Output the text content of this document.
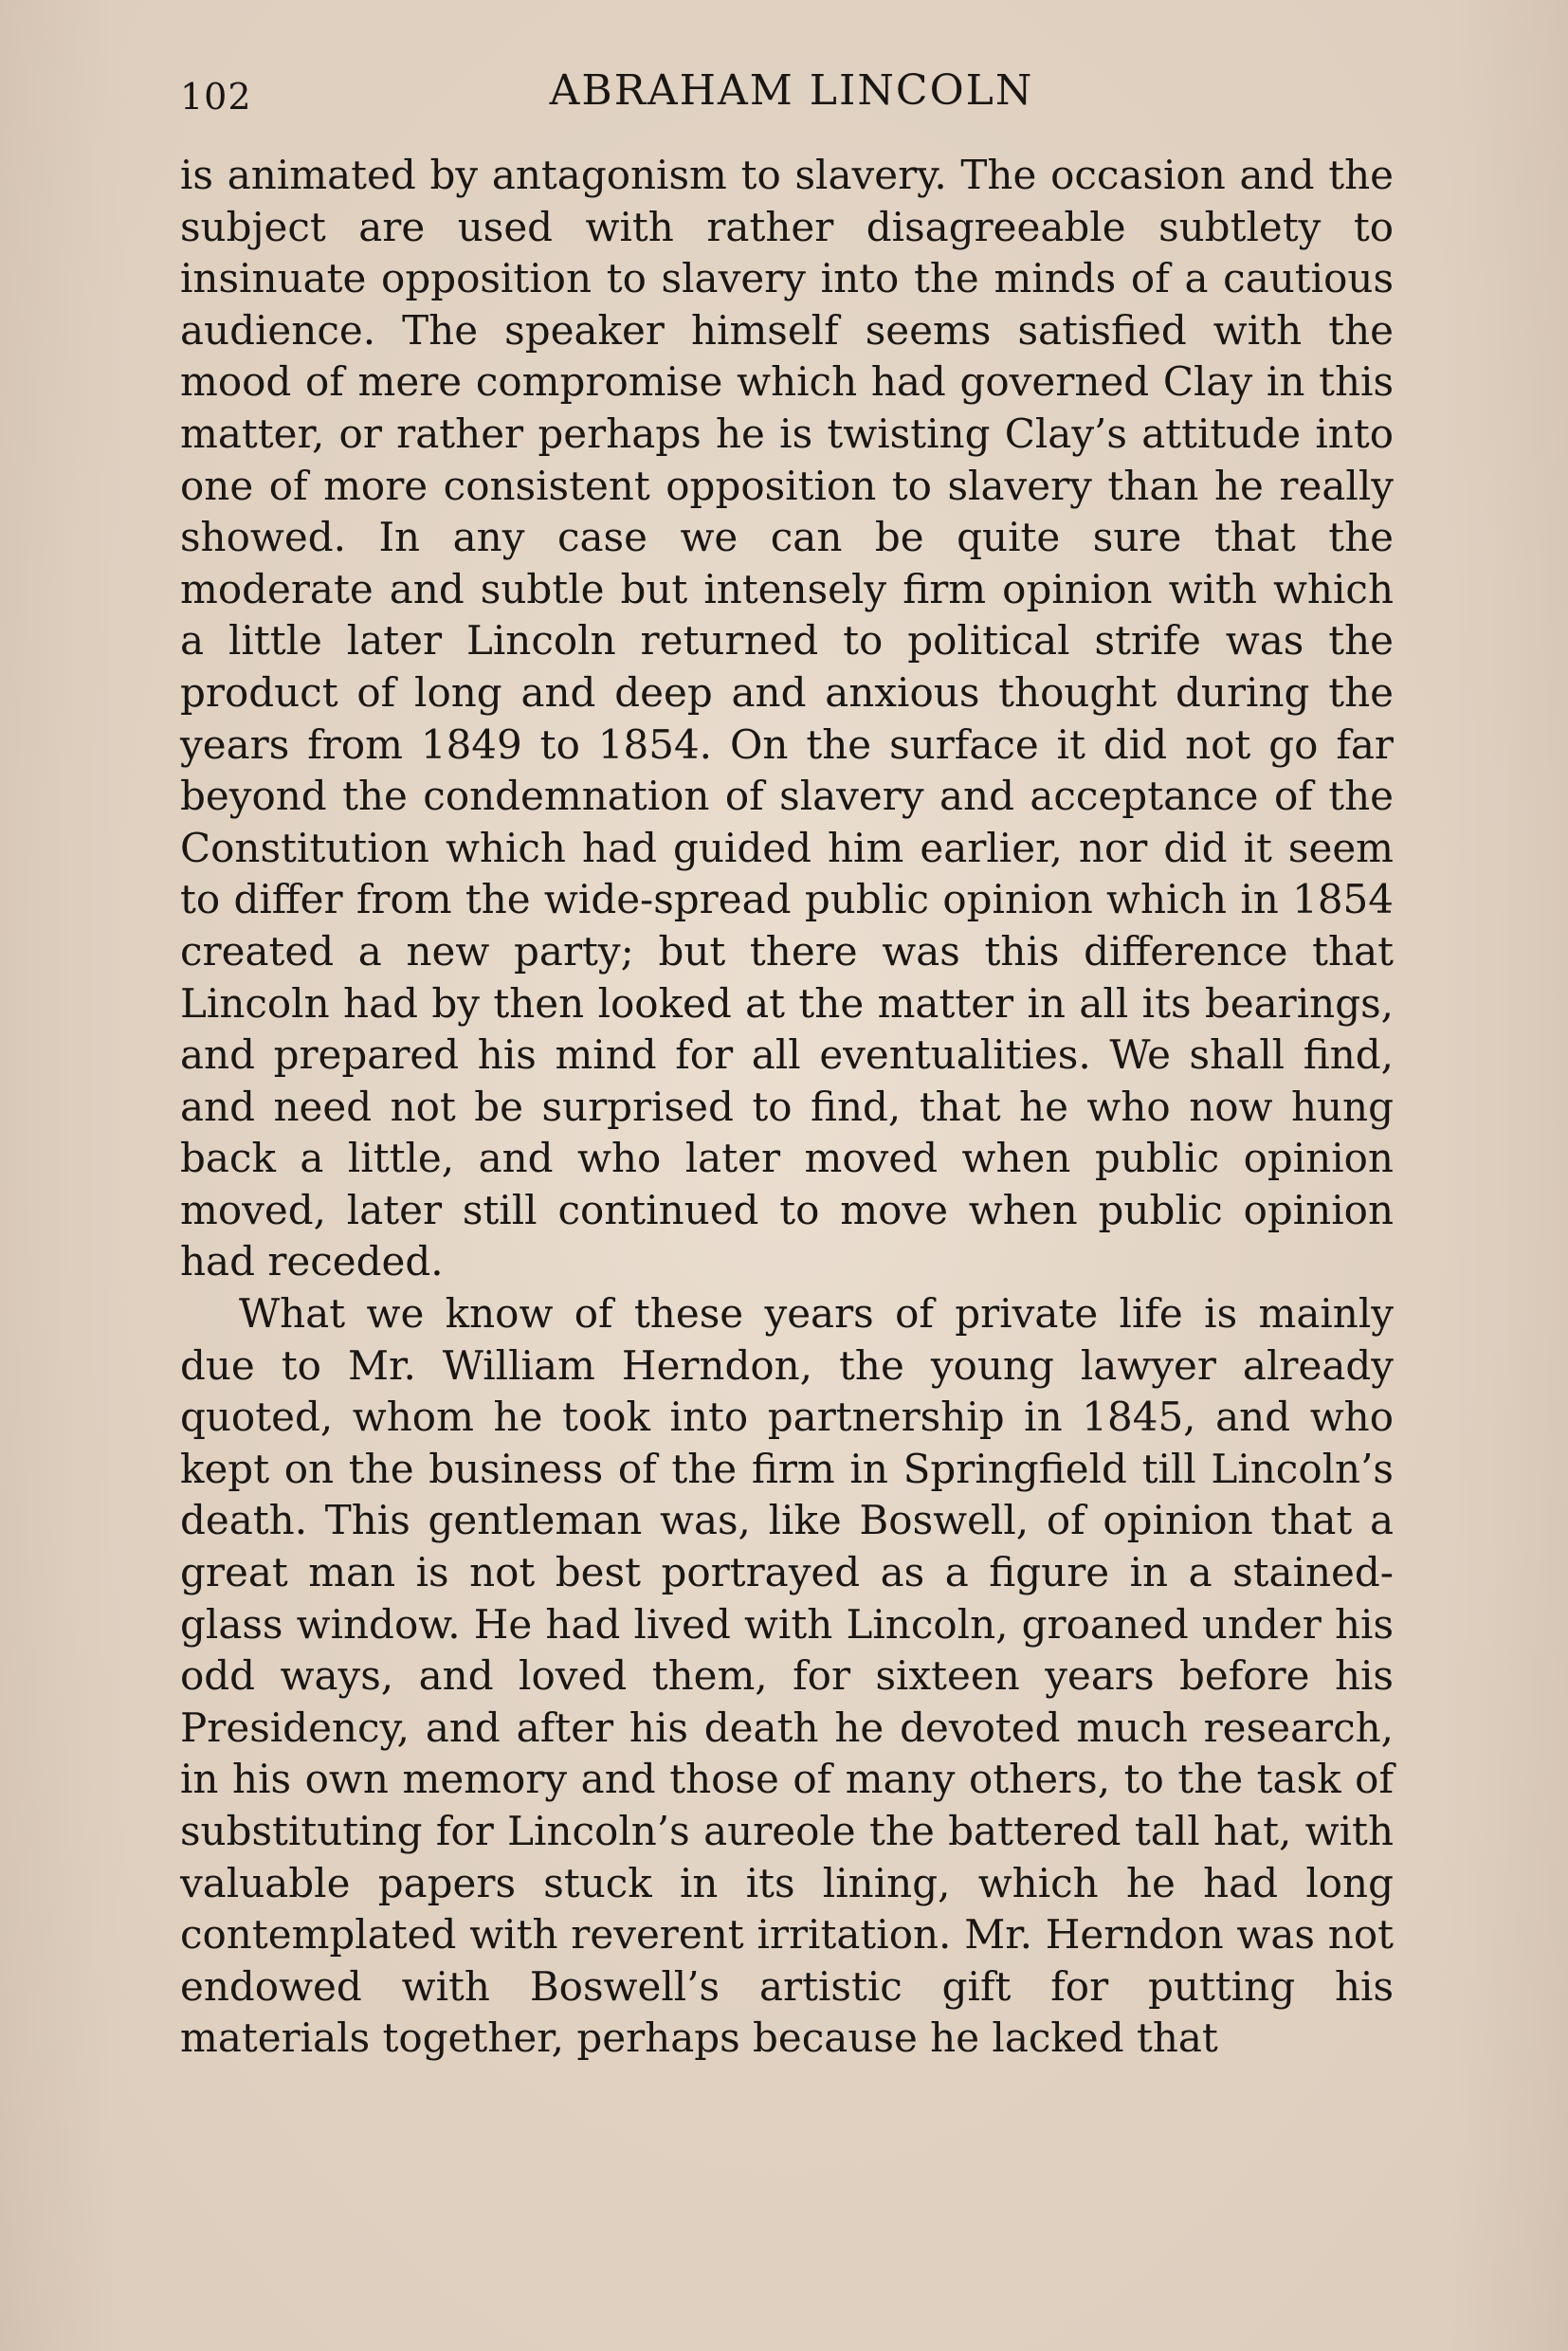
102	ABRAHAM LINCOLN

is animated by antagonism to slavery. The occasion and the subject are used with rather disagreeable subtlety to insinuate opposition to slavery into the minds of a cautious audience. The speaker himself seems satisfied with the mood of mere compromise which had governed Clay in this matter, or rather perhaps he is twisting Clay’s attitude into one of more consistent opposition to slavery than he really showed. In any case we can be quite sure that the moderate and subtle but intensely firm opinion with which a little later Lincoln returned to political strife was the product of long and deep and anxious thought during the years from 1849 to 1854. On the surface it did not go far beyond the condemnation of slavery and acceptance of the Constitution which had guided him earlier, nor did it seem to differ from the wide-spread public opinion which in 1854 created a new party; but there was this difference that Lincoln had by then looked at the matter in all its bearings, and prepared his mind for all eventualities. We shall find, and need not be surprised to find, that he who now hung back a little, and who later moved when public opinion moved, later still continued to move when public opinion had receded.

What we know of these years of private life is mainly due to Mr. William Herndon, the young lawyer already quoted, whom he took into partnership in 1845, and who kept on the business of the firm in Springfield till Lincoln’s death. This gentleman was, like Boswell, of opinion that a great man is not best portrayed as a figure in a stained-glass window. He had lived with Lincoln, groaned under his odd ways, and loved them, for sixteen years before his Presidency, and after his death he devoted much research, in his own memory and those of many others, to the task of substituting for Lincoln’s aureole the battered tall hat, with valuable papers stuck in its lining, which he had long contemplated with reverent irritation. Mr. Herndon was not endowed with Boswell’s artistic gift for putting his materials together, perhaps because he lacked that
